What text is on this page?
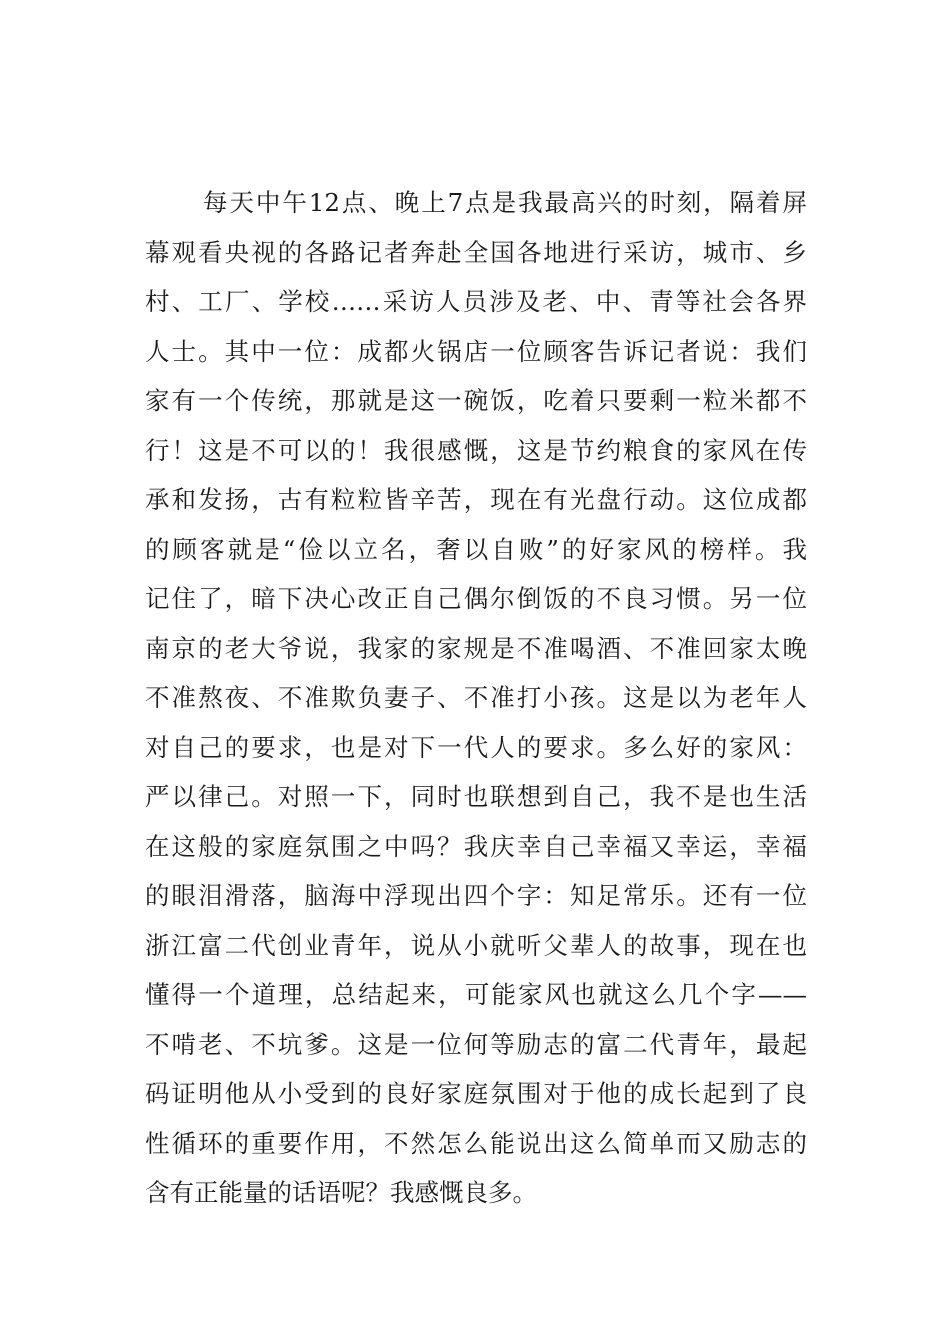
每天中午12点、晚上7点是我最高兴的时刻，隔着屏
幕观看央视的各路记者奔赴全国各地进行采访，城市、乡
村、工厂、学校……采访人员涉及老、中、青等社会各界
人士。其中一位：成都火锅店一位顾客告诉记者说：我们
家有一个传统，那就是这一碗饭，吃着只要剩一粒米都不
行！这是不可以的！我很感慨，这是节约粮食的家风在传
承和发扬，古有粒粒皆辛苦，现在有光盘行动。这位成都
的顾客就是“俭以立名，奢以自败”的好家风的榜样。我
记住了，暗下决心改正自己偶尔倒饭的不良习惯。另一位
南京的老大爷说，我家的家规是不准喝酒、不准回家太晚
不准熬夜、不准欺负妻子、不准打小孩。这是以为老年人
对自己的要求，也是对下一代人的要求。多么好的家风：
严以律己。对照一下，同时也联想到自己，我不是也生活
在这般的家庭氛围之中吗？我庆幸自己幸福又幸运，幸福
的眼泪滑落，脑海中浮现出四个字：知足常乐。还有一位
浙江富二代创业青年，说从小就听父辈人的故事，现在也
懂得一个道理，总结起来，可能家风也就这么几个字——
不啃老、不坑爹。这是一位何等励志的富二代青年，最起
码证明他从小受到的良好家庭氛围对于他的成长起到了良
性循环的重要作用，不然怎么能说出这么简单而又励志的
含有正能量的话语呢？我感慨良多。
